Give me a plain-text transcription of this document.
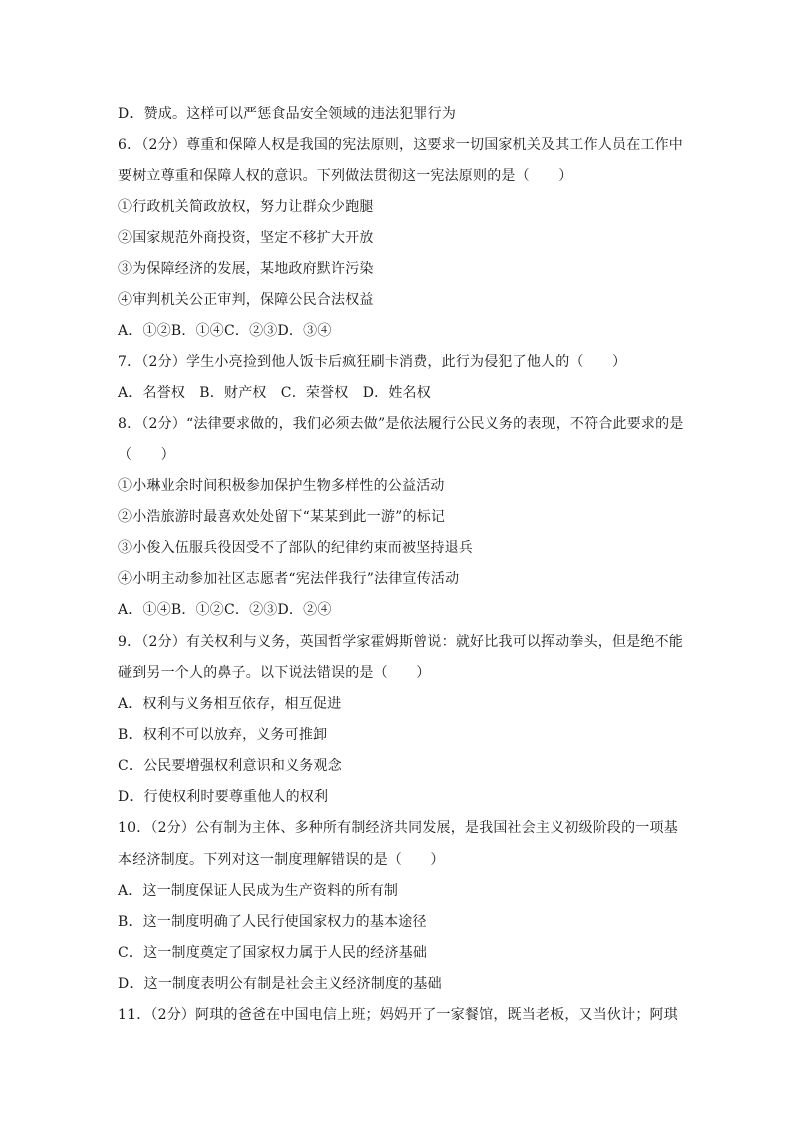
D．赞成。这样可以严惩食品安全领域的违法犯罪行为
6．（2分）尊重和保障人权是我国的宪法原则，这要求一切国家机关及其工作人员在工作中
要树立尊重和保障人权的意识。下列做法贯彻这一宪法原则的是（　　）
①行政机关简政放权，努力让群众少跑腿
②国家规范外商投资，坚定不移扩大开放
③为保障经济的发展，某地政府默许污染
④审判机关公正审判，保障公民合法权益
A．①②B．①④C．②③D．③④
7．（2分）学生小亮捡到他人饭卡后疯狂刷卡消费，此行为侵犯了他人的（　　）
A．名誉权　B．财产权　C．荣誉权　D．姓名权
8．（2分）“法律要求做的，我们必须去做”是依法履行公民义务的表现，不符合此要求的是
（　　）
①小琳业余时间积极参加保护生物多样性的公益活动
②小浩旅游时最喜欢处处留下“某某到此一游”的标记
③小俊入伍服兵役因受不了部队的纪律约束而被坚持退兵
④小明主动参加社区志愿者“宪法伴我行”法律宣传活动
A．①④B．①②C．②③D．②④
9．（2分）有关权利与义务，英国哲学家霍姆斯曾说：就好比我可以挥动拳头，但是绝不能
碰到另一个人的鼻子。以下说法错误的是（　　）
A．权利与义务相互依存，相互促进
B．权利不可以放弃，义务可推卸
C．公民要增强权利意识和义务观念
D．行使权利时要尊重他人的权利
10．（2分）公有制为主体、多种所有制经济共同发展，是我国社会主义初级阶段的一项基
本经济制度。下列对这一制度理解错误的是（　　）
A．这一制度保证人民成为生产资料的所有制
B．这一制度明确了人民行使国家权力的基本途径
C．这一制度奠定了国家权力属于人民的经济基础
D．这一制度表明公有制是社会主义经济制度的基础
11．（2分）阿琪的爸爸在中国电信上班；妈妈开了一家餐馆，既当老板，又当伙计；阿琪
